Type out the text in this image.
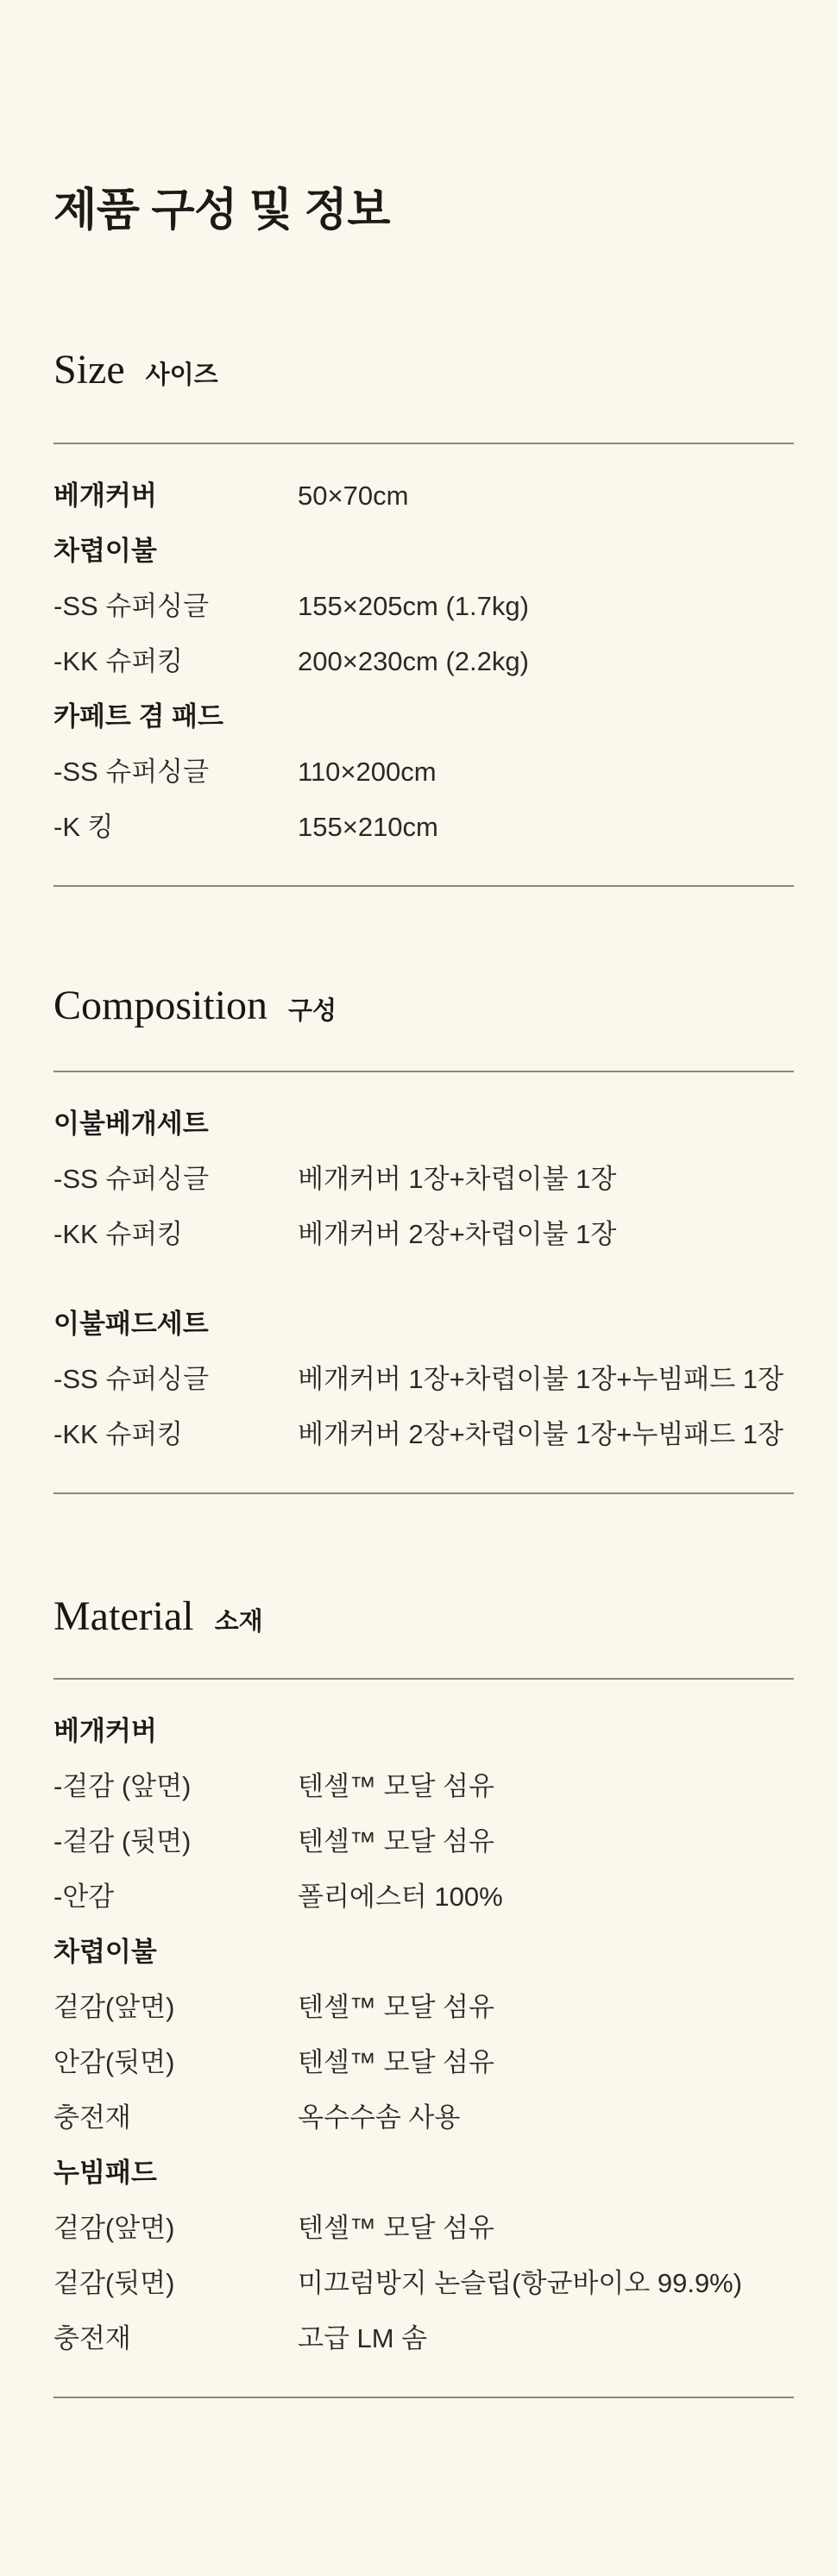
제품 구성 및 정보
Size 사이즈
베개커버	50×70cm
차렵이불
-SS 슈퍼싱글	155×205cm (1.7kg)
-KK 슈퍼킹	200×230cm (2.2kg)
카페트 겸 패드
-SS 슈퍼싱글	110×200cm
-K 킹	155×210cm
Composition 구성
이불베개세트
-SS 슈퍼싱글	베개커버 1장+차렵이불 1장
-KK 슈퍼킹	베개커버 2장+차렵이불 1장
이불패드세트
-SS 슈퍼싱글	베개커버 1장+차렵이불 1장+누빔패드 1장
-KK 슈퍼킹	베개커버 2장+차렵이불 1장+누빔패드 1장
Material 소재
베개커버
-겉감 (앞면)	텐셀™ 모달 섬유
-겉감 (뒷면)	텐셀™ 모달 섬유
-안감	폴리에스터 100%
차렵이불
겉감(앞면)	텐셀™ 모달 섬유
안감(뒷면)	텐셀™ 모달 섬유
충전재	옥수수솜 사용
누빔패드
겉감(앞면)	텐셀™ 모달 섬유
겉감(뒷면)	미끄럼방지 논슬립(항균바이오 99.9%)
충전재	고급 LM 솜
